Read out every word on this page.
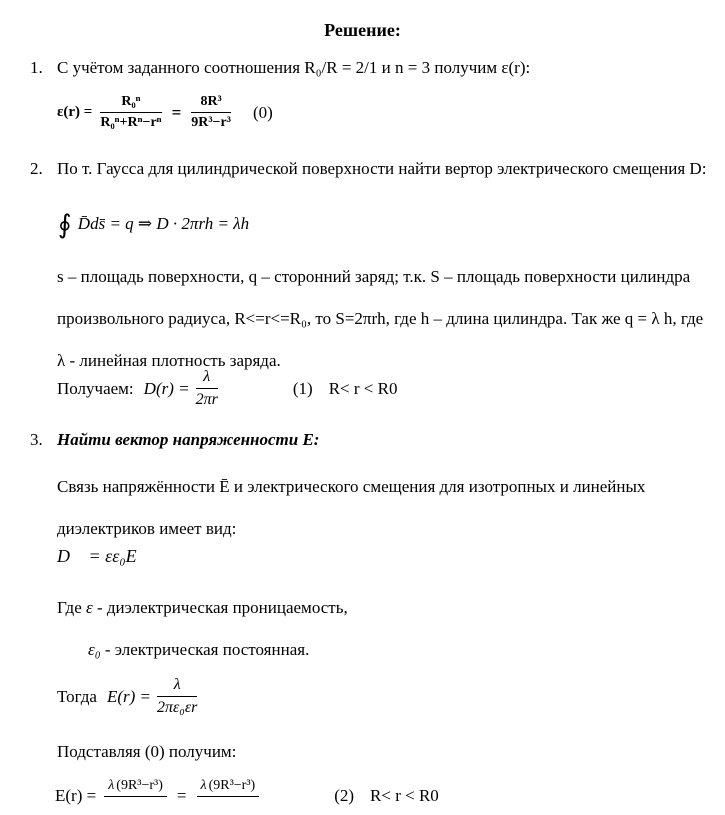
Решение:
1. С учётом заданного соотношения R₀/R = 2/1 и n = 3 получим ε(r):
$\varepsilon(r) = \frac{\text{R₀ⁿ}}{\text{R₀ⁿ+Rⁿ−rⁿ}} = \frac{\text{8R³}}{\text{9R³−r³}} (0)$
2. По т. Гаусса для цилиндрической поверхности найти вертор электрического смещения D:
∮ D̄ds̄ = q ⇒ D · 2πrh = λh
s – площадь поверхности, q – сторонний заряд; т.к. S – площадь поверхности цилиндра произвольного радиуса, R<=r<=R₀, то S=2πrh, где h – длина цилиндра. Так же q = λ h, где λ - линейная плотность заряда.
Получаем: $D(r) = \frac{\lambda}{2\pi r}$	(1) R< r < R0
3. Найти вектор напряженности E:
Связь напряжённости Ē и электрического смещения для изотропных и линейных диэлектриков имеет вид:
D⃗ = εε₀E⃗
Где ε - диэлектрическая проницаемость,
ε₀ - электрическая постоянная.
Тогда $E(r) = \frac{\lambda}{\text{2πε₀εr}}$
Подставляя (0) получим:
E(r) =
λ (9R³−r³)
=
λ (9R³−r³)
(2) R< r < R0
